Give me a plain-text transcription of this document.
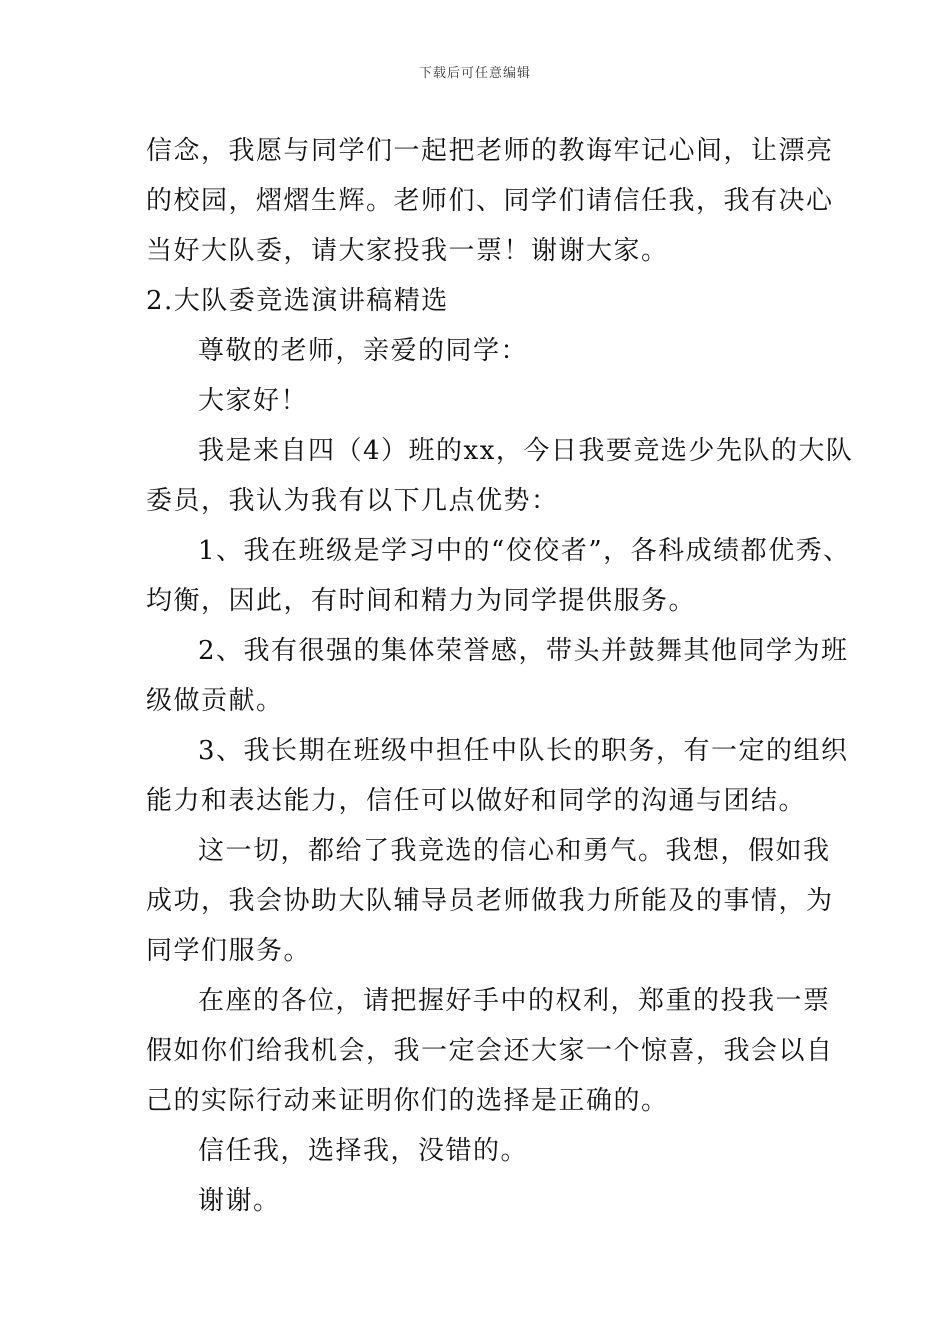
下载后可任意编辑

信念，我愿与同学们一起把老师的教诲牢记心间，让漂亮

的校园，熠熠生辉。老师们、同学们请信任我，我有决心

当好大队委，请大家投我一票！谢谢大家。

2.大队委竞选演讲稿精选

尊敬的老师，亲爱的同学：

大家好！

我是来自四（4）班的xx，今日我要竞选少先队的大队

委员，我认为我有以下几点优势：

1、我在班级是学习中的“佼佼者”，各科成绩都优秀、

均衡，因此，有时间和精力为同学提供服务。

2、我有很强的集体荣誉感，带头并鼓舞其他同学为班

级做贡献。

3、我长期在班级中担任中队长的职务，有一定的组织

能力和表达能力，信任可以做好和同学的沟通与团结。

这一切，都给了我竞选的信心和勇气。我想，假如我

成功，我会协助大队辅导员老师做我力所能及的事情，为

同学们服务。

在座的各位，请把握好手中的权利，郑重的投我一票

假如你们给我机会，我一定会还大家一个惊喜，我会以自

己的实际行动来证明你们的选择是正确的。

信任我，选择我，没错的。

谢谢。
